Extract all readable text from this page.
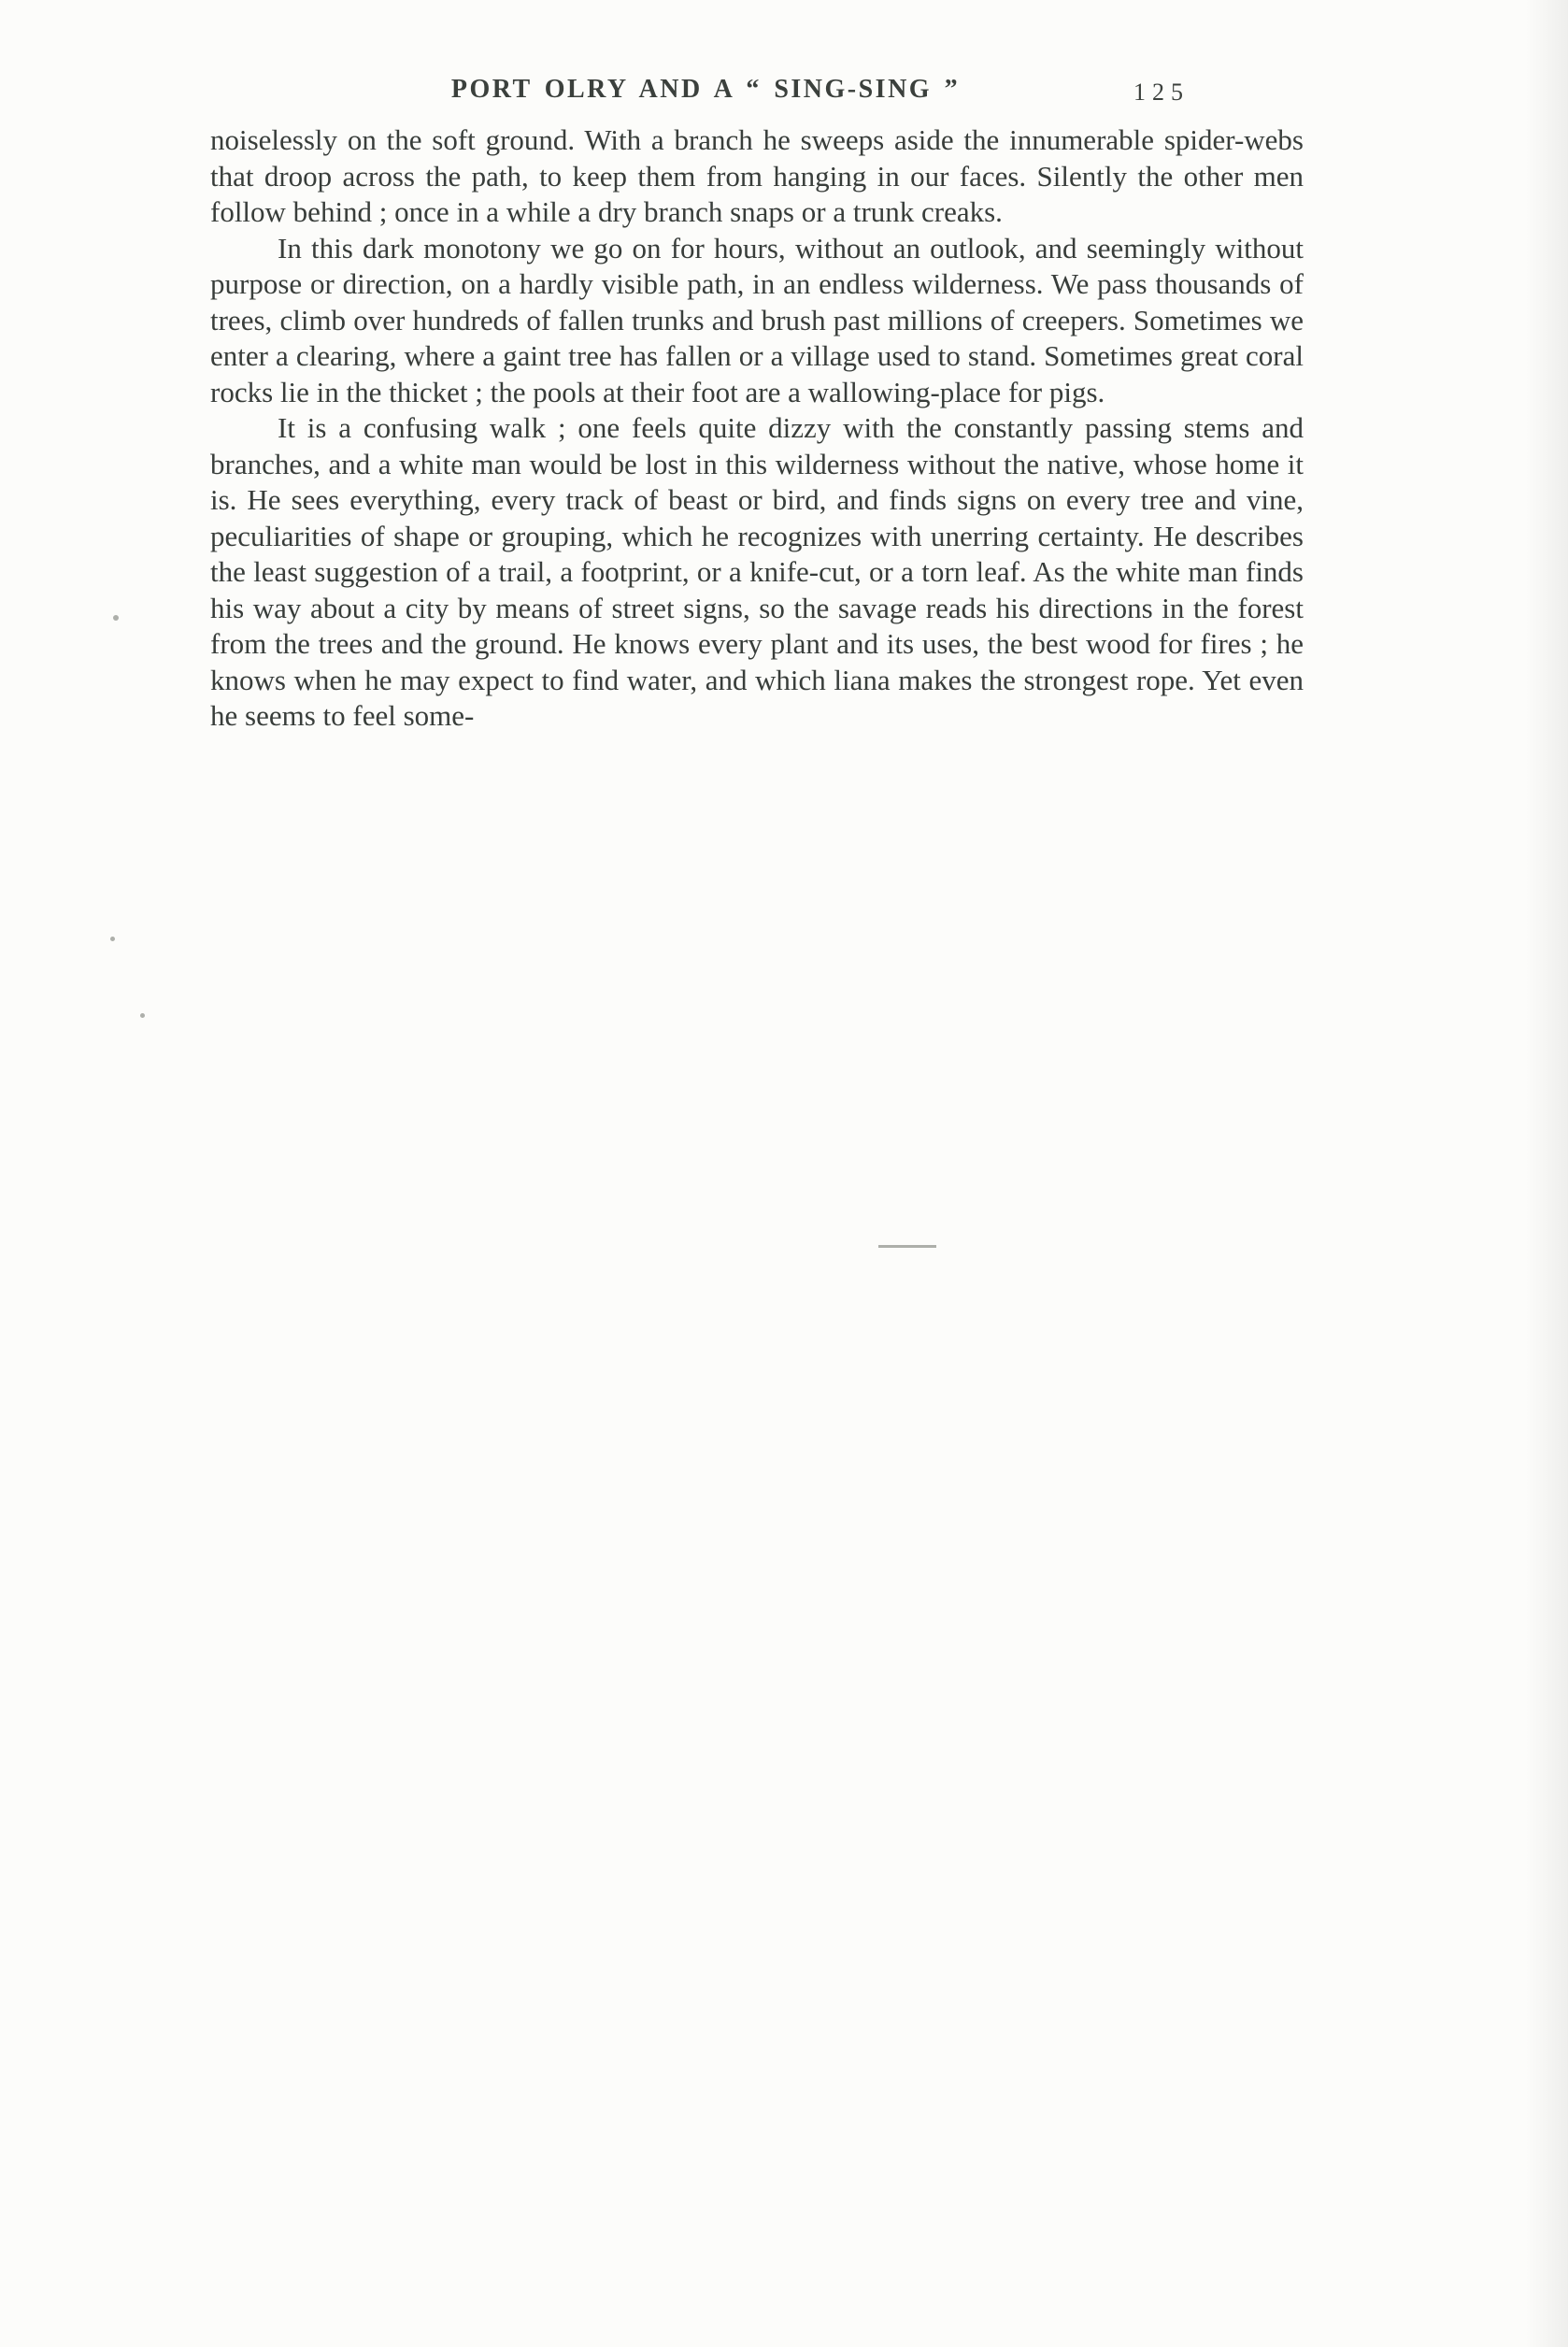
PORT OLRY AND A “ SING-SING ”	125

noiselessly on the soft ground. With a branch he sweeps aside the innumerable spider-webs that droop across the path, to keep them from hanging in our faces. Silently the other men follow behind ; once in a while a dry branch snaps or a trunk creaks.

In this dark monotony we go on for hours, without an outlook, and seemingly without purpose or direction, on a hardly visible path, in an endless wilderness. We pass thousands of trees, climb over hundreds of fallen trunks and brush past millions of creepers. Sometimes we enter a clearing, where a gaint tree has fallen or a village used to stand. Sometimes great coral rocks lie in the thicket ; the pools at their foot are a wallowing-place for pigs.

It is a confusing walk ; one feels quite dizzy with the constantly passing stems and branches, and a white man would be lost in this wilderness without the native, whose home it is. He sees everything, every track of beast or bird, and finds signs on every tree and vine, peculiarities of shape or grouping, which he recognizes with unerring certainty. He describes the least suggestion of a trail, a footprint, or a knife-cut, or a torn leaf. As the white man finds his way about a city by means of street signs, so the savage reads his directions in the forest from the trees and the ground. He knows every plant and its uses, the best wood for fires ; he knows when he may expect to find water, and which liana makes the strongest rope. Yet even he seems to feel some-
